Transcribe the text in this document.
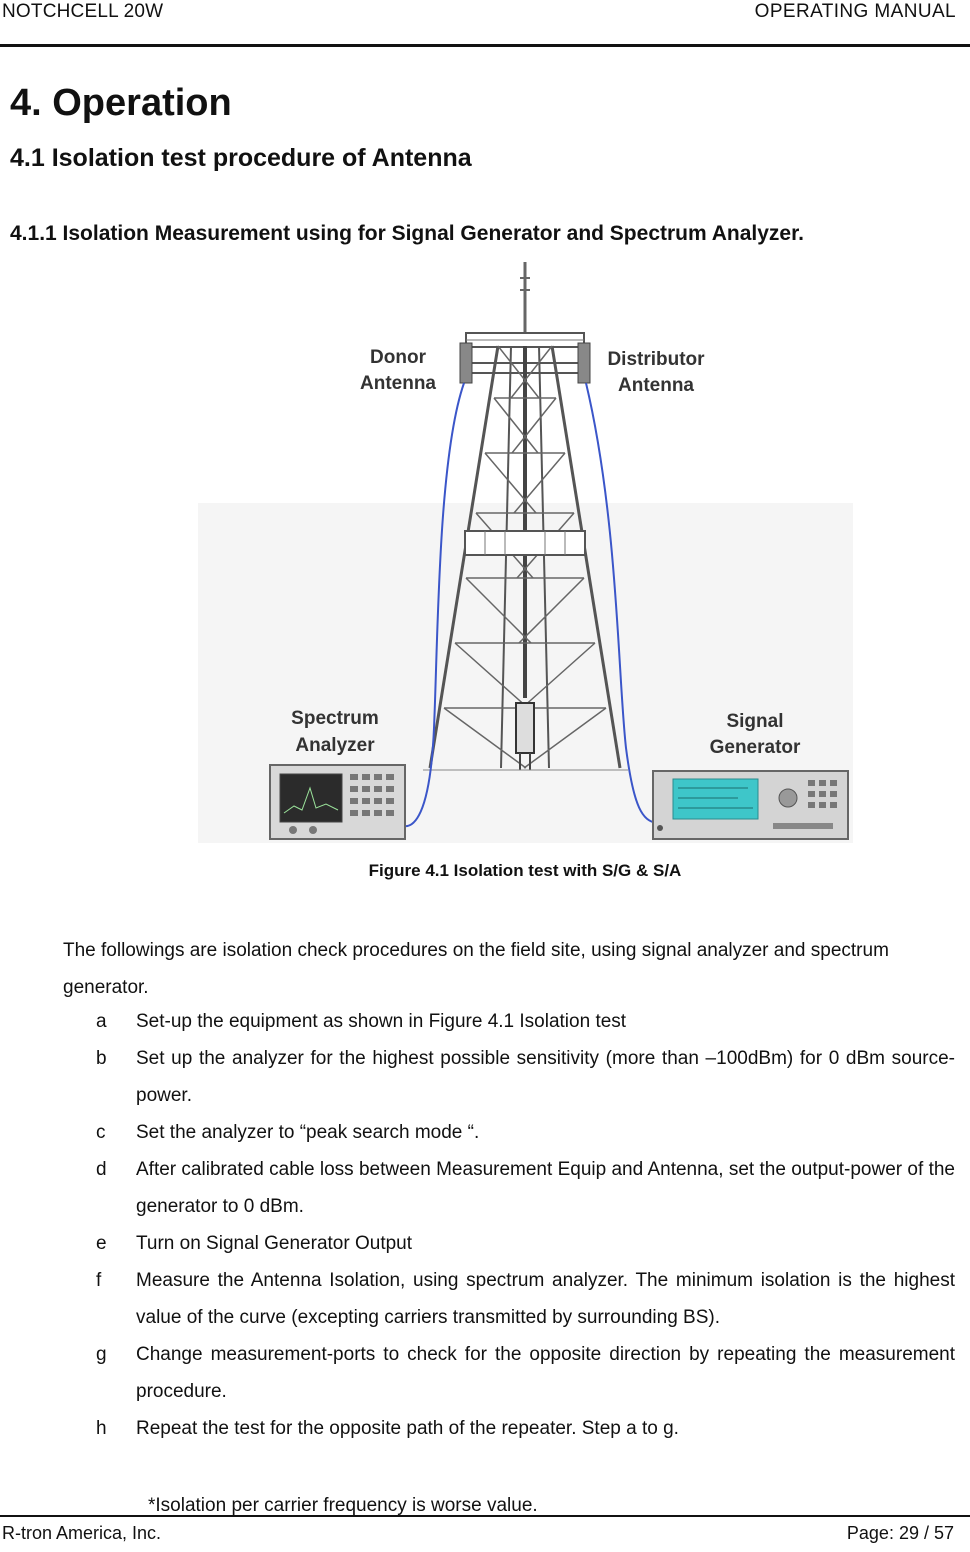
NOTCHCELL 20W	OPERATING MANUAL
4. Operation
4.1 Isolation test procedure of Antenna
4.1.1 Isolation Measurement using for Signal Generator and Spectrum Analyzer.
Donor
Antenna
Distributor
Antenna
Spectrum
Analyzer
Signal
Generator
Figure 4.1 Isolation test with S/G & S/A
The followings are isolation check procedures on the field site, using signal analyzer and spectrum generator.
a Set-up the equipment as shown in Figure 4.1 Isolation test
b Set up the analyzer for the highest possible sensitivity (more than –100dBm) for 0 dBm source-power.
c Set the analyzer to “peak search mode “.
d After calibrated cable loss between Measurement Equip and Antenna, set the output-power of the generator to 0 dBm.
e Turn on Signal Generator Output
f Measure the Antenna Isolation, using spectrum analyzer. The minimum isolation is the highest value of the curve (excepting carriers transmitted by surrounding BS).
g Change measurement-ports to check for the opposite direction by repeating the measurement procedure.
h Repeat the test for the opposite path of the repeater. Step a to g.
*Isolation per carrier frequency is worse value.
R-tron America, Inc.	Page: 29 / 57
